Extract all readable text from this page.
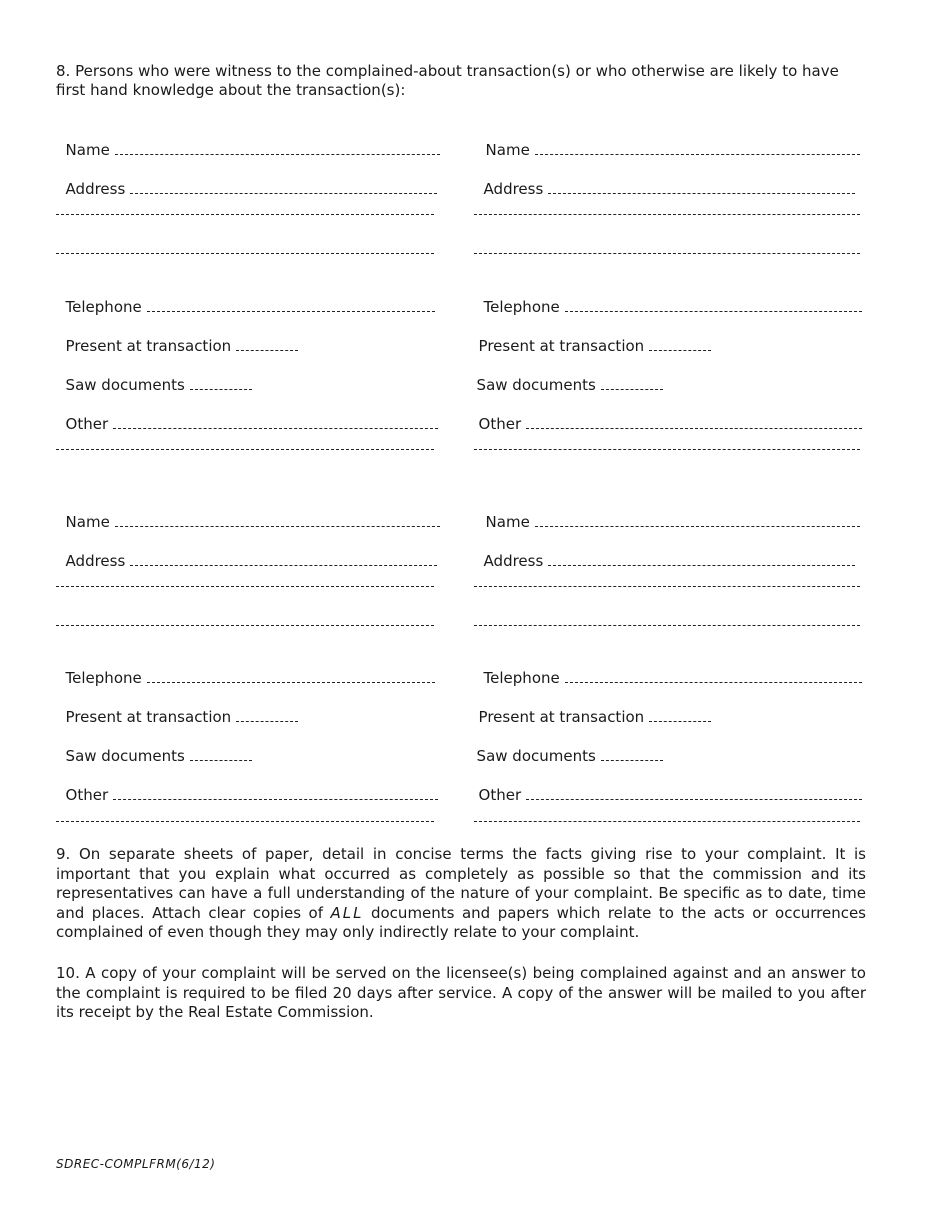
8. Persons who were witness to the complained-about transaction(s) or who otherwise are likely to have first hand knowledge about the transaction(s):

Name

Address

Telephone

Present at transaction

Saw documents

Other

Name

Address

Telephone

Present at transaction

Saw documents

Other

Name

Address

Telephone

Present at transaction

Saw documents

Other

Name

Address

Telephone

Present at transaction

Saw documents

Other

9. On separate sheets of paper, detail in concise terms the facts giving rise to your complaint. It is important that you explain what occurred as completely as possible so that the commission and its representatives can have a full understanding of the nature of your complaint. Be specific as to date, time and places. Attach clear copies of ALL documents and papers which relate to the acts or occurrences complained of even though they may only indirectly relate to your complaint.
10. A copy of your complaint will be served on the licensee(s) being complained against and an answer to the complaint is required to be filed 20 days after service. A copy of the answer will be mailed to you after its receipt by the Real Estate Commission.
SDREC-COMPLFRM(6/12)
